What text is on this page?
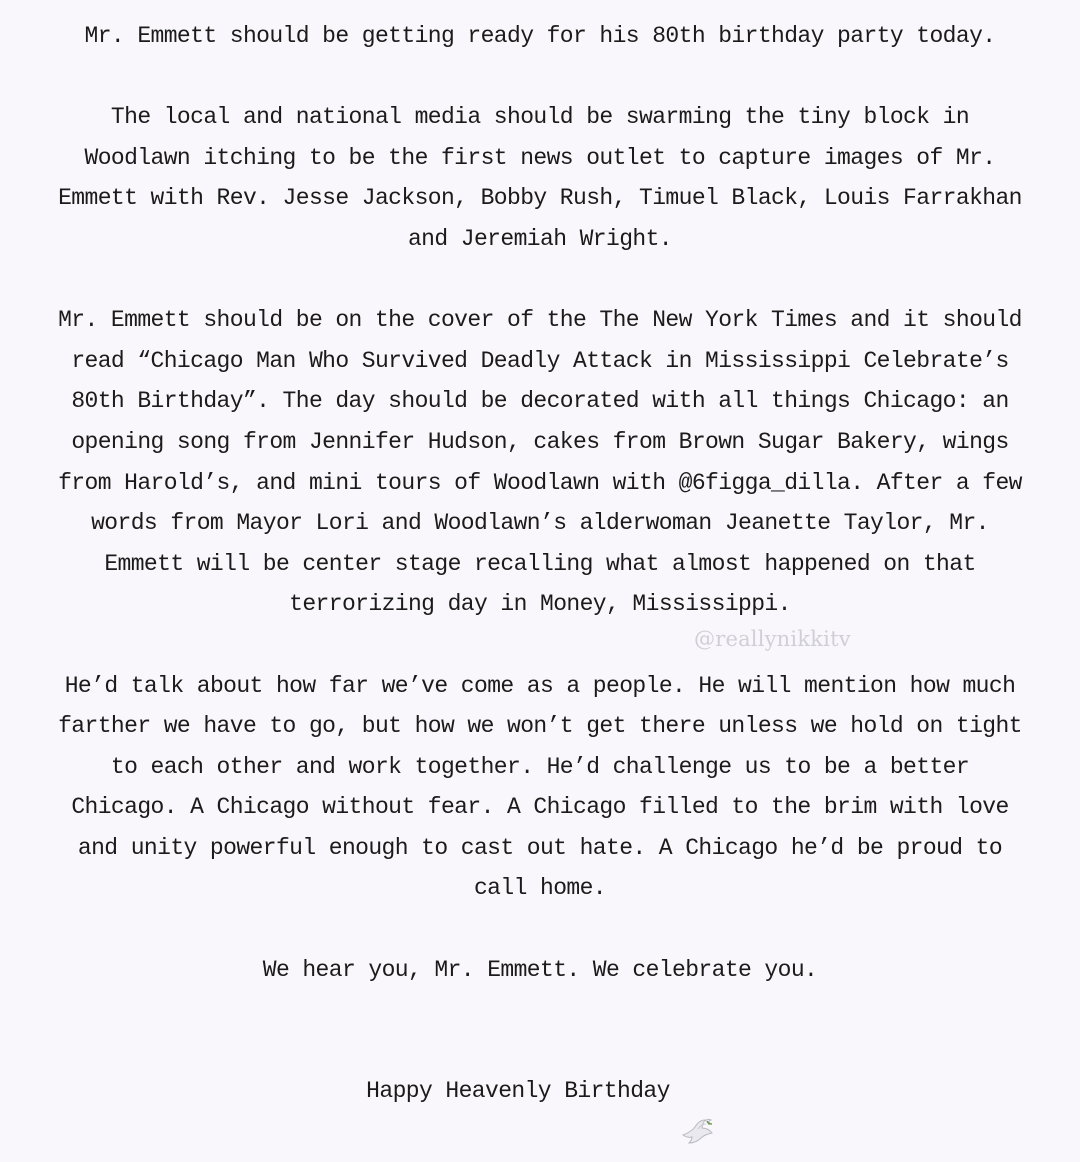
Mr. Emmett should be getting ready for his 80th birthday party today.

The local and national media should be swarming the tiny block in
Woodlawn itching to be the first news outlet to capture images of Mr.
Emmett with Rev. Jesse Jackson, Bobby Rush, Timuel Black, Louis Farrakhan
and Jeremiah Wright.

Mr. Emmett should be on the cover of the The New York Times and it should
read “Chicago Man Who Survived Deadly Attack in Mississippi Celebrate’s
80th Birthday”. The day should be decorated with all things Chicago: an
opening song from Jennifer Hudson, cakes from Brown Sugar Bakery, wings
from Harold’s, and mini tours of Woodlawn with @6figga_dilla. After a few
words from Mayor Lori and Woodlawn’s alderwoman Jeanette Taylor, Mr.
Emmett will be center stage recalling what almost happened on that
terrorizing day in Money, Mississippi.

He’d talk about how far we’ve come as a people. He will mention how much
farther we have to go, but how we won’t get there unless we hold on tight
to each other and work together. He’d challenge us to be a better
Chicago. A Chicago without fear. A Chicago filled to the brim with love
and unity powerful enough to cast out hate. A Chicago he’d be proud to
call home.

We hear you, Mr. Emmett. We celebrate you.

Happy Heavenly Birthday

@reallynikkitv
